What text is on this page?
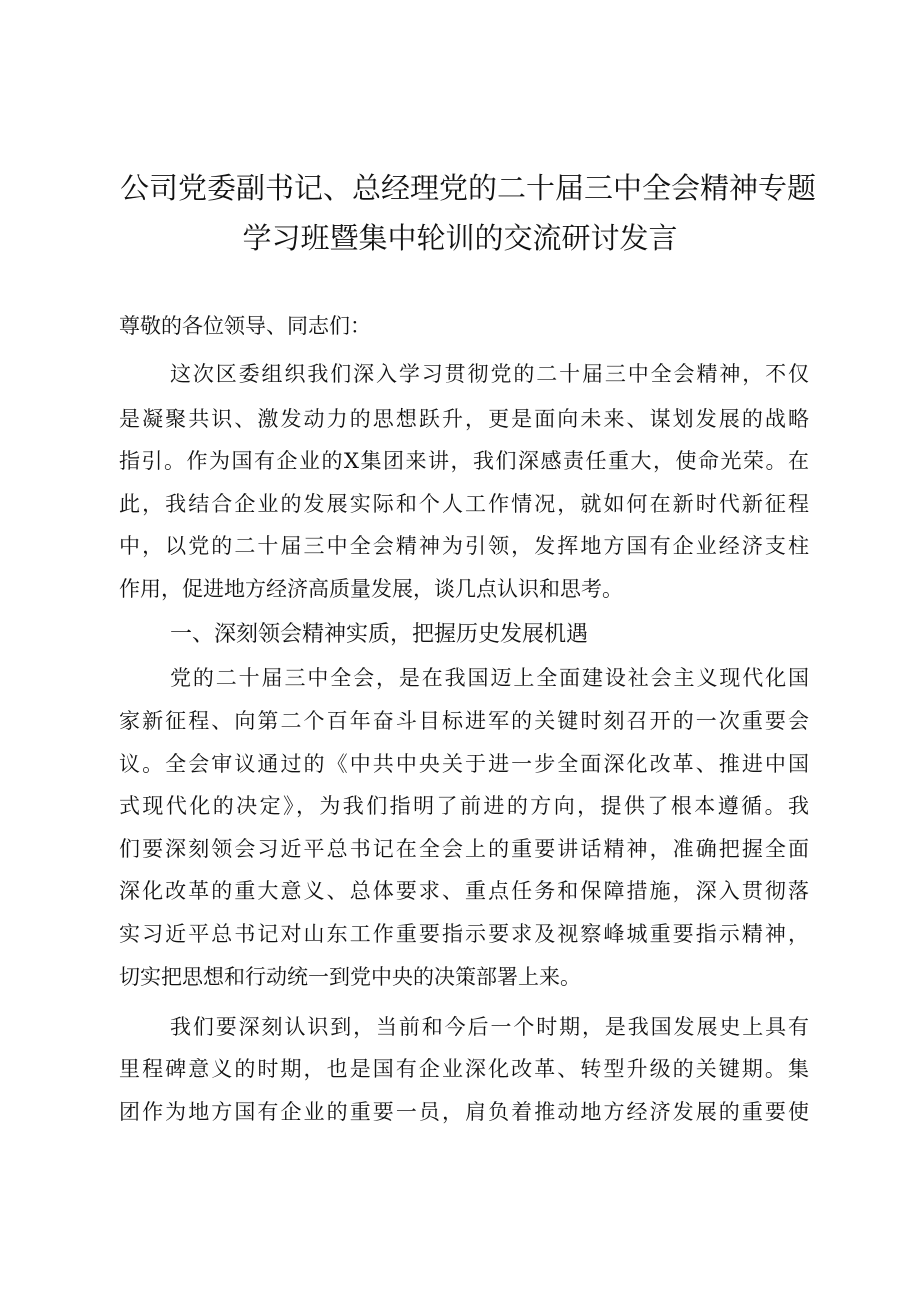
公司党委副书记、总经理党的二十届三中全会精神专题
学习班暨集中轮训的交流研讨发言
尊敬的各位领导、同志们：
这次区委组织我们深入学习贯彻党的二十届三中全会精神，不仅
是凝聚共识、激发动力的思想跃升，更是面向未来、谋划发展的战略
指引。作为国有企业的X集团来讲，我们深感责任重大，使命光荣。在
此，我结合企业的发展实际和个人工作情况，就如何在新时代新征程
中，以党的二十届三中全会精神为引领，发挥地方国有企业经济支柱
作用，促进地方经济高质量发展，谈几点认识和思考。
一、深刻领会精神实质，把握历史发展机遇
党的二十届三中全会，是在我国迈上全面建设社会主义现代化国
家新征程、向第二个百年奋斗目标进军的关键时刻召开的一次重要会
议。全会审议通过的《中共中央关于进一步全面深化改革、推进中国
式现代化的决定》，为我们指明了前进的方向，提供了根本遵循。我
们要深刻领会习近平总书记在全会上的重要讲话精神，准确把握全面
深化改革的重大意义、总体要求、重点任务和保障措施，深入贯彻落
实习近平总书记对山东工作重要指示要求及视察峰城重要指示精神，
切实把思想和行动统一到党中央的决策部署上来。
我们要深刻认识到，当前和今后一个时期，是我国发展史上具有
里程碑意义的时期，也是国有企业深化改革、转型升级的关键期。集
团作为地方国有企业的重要一员，肩负着推动地方经济发展的重要使
